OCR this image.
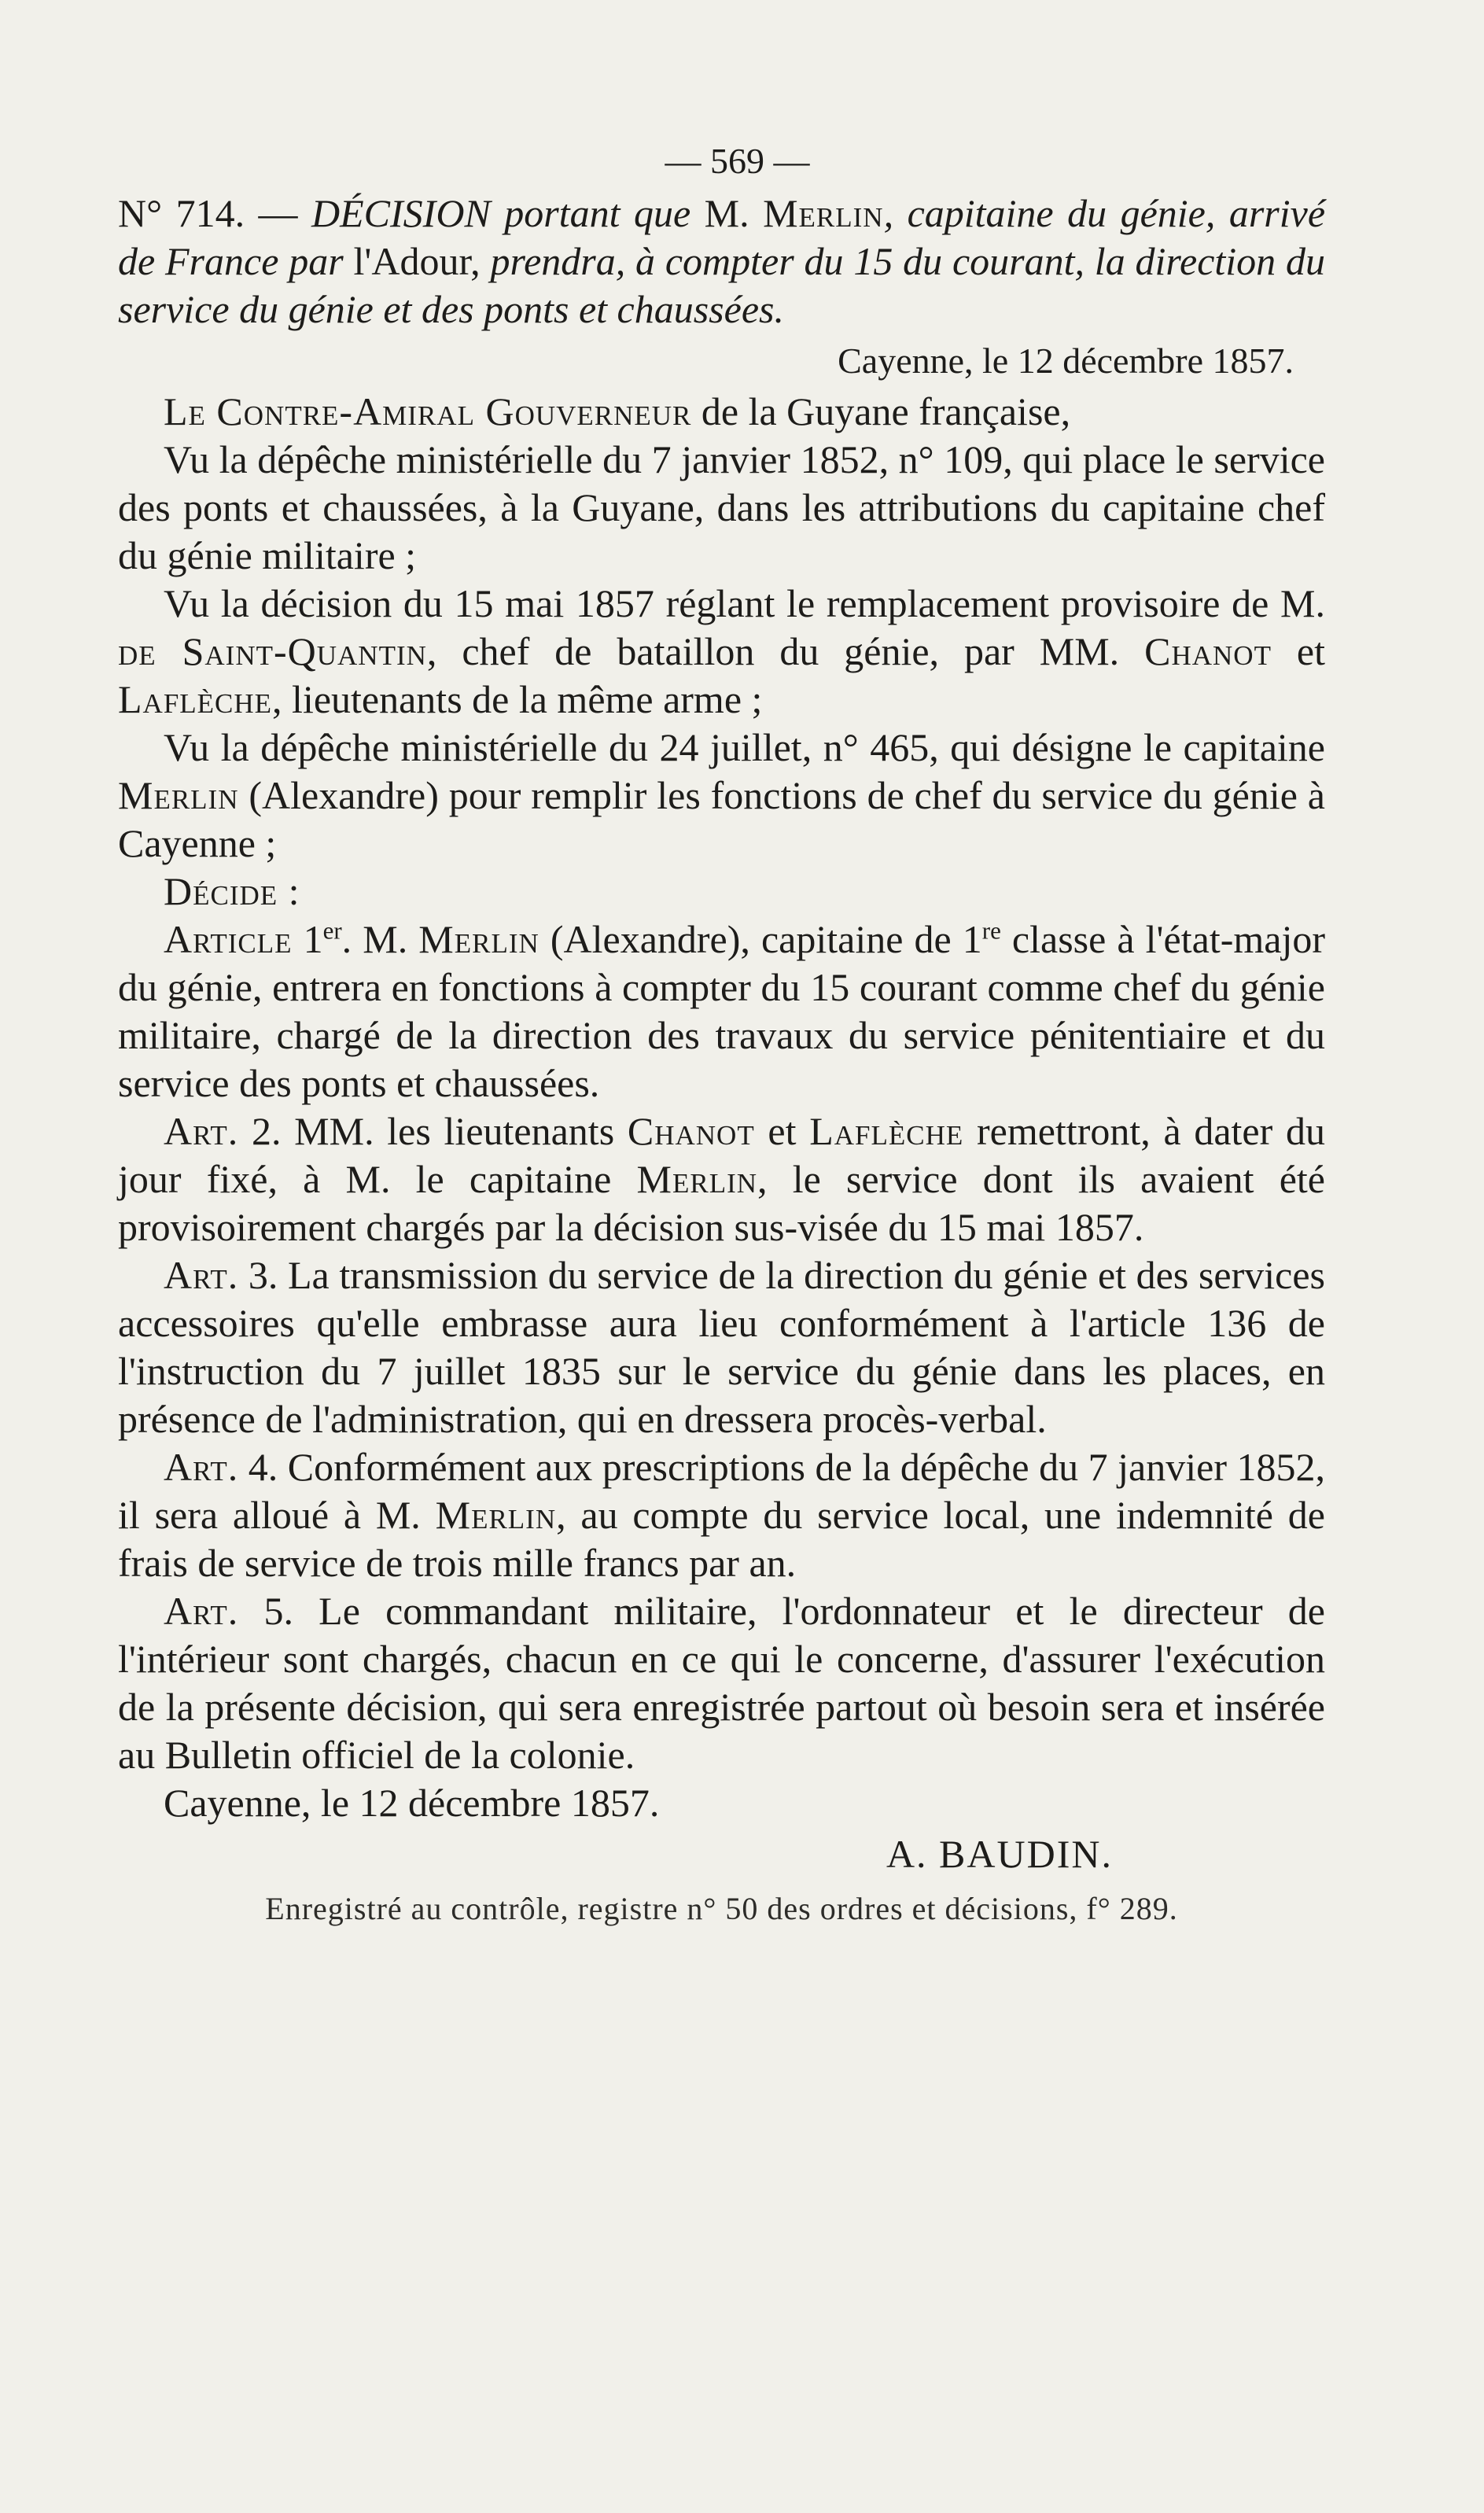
— 569 —
N° 714. — DÉCISION portant que M. Merlin, capitaine du génie, arrivé de France par l'Adour, prendra, à compter du 15 du courant, la direction du service du génie et des ponts et chaussées.
Cayenne, le 12 décembre 1857.

Le Contre-Amiral Gouverneur de la Guyane française,

Vu la dépêche ministérielle du 7 janvier 1852, n° 109, qui place le service des ponts et chaussées, à la Guyane, dans les attributions du capitaine chef du génie militaire ;

Vu la décision du 15 mai 1857 réglant le remplacement provisoire de M. de Saint-Quantin, chef de bataillon du génie, par MM. Chanot et Laflèche, lieutenants de la même arme ;

Vu la dépêche ministérielle du 24 juillet, n° 465, qui désigne le capitaine Merlin (Alexandre) pour remplir les fonctions de chef du service du génie à Cayenne ;

Décide :

Article 1er. M. Merlin (Alexandre), capitaine de 1re classe à l'état-major du génie, entrera en fonctions à compter du 15 courant comme chef du génie militaire, chargé de la direction des travaux du service pénitentiaire et du service des ponts et chaussées.

Art. 2. MM. les lieutenants Chanot et Laflèche remettront, à dater du jour fixé, à M. le capitaine Merlin, le service dont ils avaient été provisoirement chargés par la décision sus-visée du 15 mai 1857.

Art. 3. La transmission du service de la direction du génie et des services accessoires qu'elle embrasse aura lieu conformément à l'article 136 de l'instruction du 7 juillet 1835 sur le service du génie dans les places, en présence de l'administration, qui en dressera procès-verbal.

Art. 4. Conformément aux prescriptions de la dépêche du 7 janvier 1852, il sera alloué à M. Merlin, au compte du service local, une indemnité de frais de service de trois mille francs par an.

Art. 5. Le commandant militaire, l'ordonnateur et le directeur de l'intérieur sont chargés, chacun en ce qui le concerne, d'assurer l'exécution de la présente décision, qui sera enregistrée partout où besoin sera et insérée au Bulletin officiel de la colonie.

Cayenne, le 12 décembre 1857.

A. BAUDIN.
Enregistré au contrôle, registre n° 50 des ordres et décisions, f° 289.
